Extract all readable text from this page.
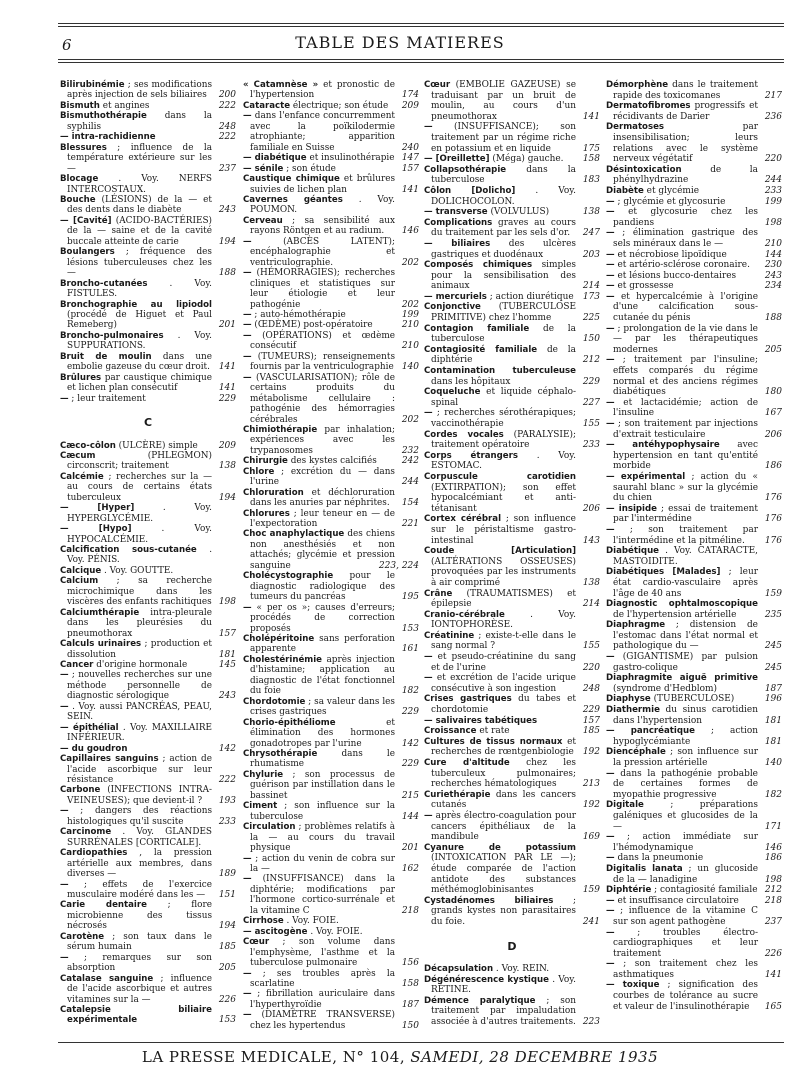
6	TABLE DES MATIERES

Bilirubinémie ; ses modifications après injection de sels biliaires 200

Bismuth et angines	222

Bismuthothérapie dans la syphilis	248

— intra-rachidienne	222

Blessures ; influence de la température extérieure sur les —	237

Blocage . Voy. NERFS INTERCOSTAUX.

Bouche (LÉSIONS) de la — et des dents dans le diabète	243

— [Cavité] (ACIDO-BACTÉRIES) de la — saine et de la cavité buccale atteinte de carie	194

Boulangers ; fréquence des lésions tuberculeuses chez les —	188

Broncho-cutanées . Voy. FISTULES.

Bronchographie au lipiodol (procédé de Higuet et Paul Remeberg)	201

Broncho-pulmonaires . Voy. SUPPURATIONS.

Bruit de moulin dans une embolie gazeuse du cœur droit. 141

Brûlures par caustique chimique et lichen plan consécutif	141

— ; leur traitement	229

C

Cæco-côlon (ULCÈRE) simple 209

Cæcum	(PHLEGMON) circonscrit; traitement	138

Calcémie ; recherches sur la — au cours de certains états tuberculeux	194

— [Hyper]	. Voy. HYPERGLYCÉMIE.

— [Hypo]	. Voy. HYPOCALCÉMIE.

Calcification sous-cutanée . Voy. PÉNIS.

Calcique . Voy. GOUTTE.

Calcium ; sa recherche microchimique dans les viscères des enfants rachitiques 198

Calciumthérapie intra-pleurale dans les pleurésies du pneumothorax	157

Calculs urinaires ; production et dissolution	181

Cancer d'origine hormonale	145

— ; nouvelles recherches sur une méthode personnelle de diagnostic sérologique	243

— . Voy. aussi PANCRÉAS, PEAU, SEIN.

— épithélial . Voy. MAXILLAIRE INFÉRIEUR.

— du goudron	142

Capillaires sanguins ; action de l'acide ascorbique sur leur résistance	222

Carbone (INFECTIONS INTRA-VEINEUSES); que devient-il ? 193

— ; dangers des réactions histologiques qu'il suscite	233

Carcinome . Voy. GLANDES SURRÉNALES [CORTICALE].

Cardiopathies , la pression artérielle aux membres, dans diverses —	189

— ; effets de l'exercice musculaire modéré dans les — 151

Carie dentaire ; flore microbienne des tissus nécrosés	194

Carotène ; son taux dans le sérum humain	185

— ; remarques sur son absorption	205

Catalase sanguine ; influence de l'acide ascorbique et autres vitamines sur la —	226

Catalepsie biliaire expérimentale	153

« Catamnèse » et pronostic de l'hypertension	174

Cataracte électrique; son étude 209

— dans l'enfance concurremment avec la poïkilodermie atrophiante; apparition familiale en Suisse	240

— diabétique et insulinothérapie 147

— sénile ; son étude	157

Caustique chimique et brûlures suivies de lichen plan	141

Cavernes géantes . Voy. POUMON.

Cerveau ; sa sensibilité aux rayons Röntgen et au radium. 146

—	(ABCÈS LATENT); encéphalographie et ventriculographie.	202

— (HÉMORRAGIES); recherches cliniques et statistiques sur leur étiologie et leur pathogénie	202

— ; auto-hémothérapie	199

— (ŒDÈME) post-opératoire	210

— (OPÉRATIONS) et œdème consécutif	210

— (TUMEURS); renseignements fournis par la ventriculographie 140

— (VASCULARISATION); rôle de certains produits du métabolisme cellulaire : pathogénie des hémorragies cérébrales	202

Chimiothérapie par inhalation; expériences avec les trypanosomes	232

Chirurgie des kystes calcifiés	242

Chlore ; excrétion du — dans l'urine	244

Chloruration et déchloruration dans les anuries par néphrites. 154

Chlorures ; leur teneur en — de l'expectoration	221

Choc anaphylactique des chiens non anesthésiés et non attachés; glycémie et pression sanguine	223, 224

Cholécystographie pour le diagnostic radiologique des tumeurs du pancréas	195

— « per os »; causes d'erreurs; procédés de correction proposés	153

Cholépéritoine sans perforation apparente	161

Cholestérinémie après injection d'histamine; application au diagnostic de l'état fonctionnel du foie	182

Chordotomie ; sa valeur dans les crises gastriques	229

Chorio-épithéliome	et élimination des hormones gonadotropes par l'urine	142

Chrysothérapie	dans le rhumatisme	229

Chylurie ; son processus de guérison par instillation dans le bassinet	215

Ciment ; son influence sur la tuberculose	144

Circulation ; problèmes relatifs à la — au cours du travail physique	201

— ; action du venin de cobra sur la —	162

— (INSUFFISANCE) dans la diphtérie; modifications par l'hormone cortico-surrénale et la vitamine C	218

Cirrhose . Voy. FOIE.

— ascitogène . Voy. FOIE.

Cœur ; son volume dans l'emphysème, l'asthme et la tuberculose pulmonaire	156

— ; ses troubles après la scarlatine	158

— ; fibrillation auriculaire dans l'hyperthyroïdie	187

— (DIAMÈTRE TRANSVERSE) chez les hypertendus	150

Cœur (EMBOLIE GAZEUSE) se traduisant par un bruit de moulin, au cours d'un pneumothorax	141

— (INSUFFISANCE); son traitement par un régime riche en potassium et en liquide	175

— [Oreillette] (Méga) gauche. 158

Collapsothérapie dans la tuberculose	183

Côlon [Dolicho] . Voy. DOLICHOCOLON.

— transverse (VOLVULUS)	138

Complications graves au cours du traitement par les sels d'or. 247

— biliaires des ulcères gastriques et duodénaux	203

Composés chimiques simples pour la sensibilisation des animaux	214

— mercuriels ; action diurétique 173

Conjonctive (TUBERCULOSE PRIMITIVE) chez l'homme	225

Contagion familiale de la tuberculose	150

Contagiosité familiale de la diphtérie	212

Contamination tuberculeuse dans les hôpitaux	229

Coqueluche et liquide céphalo-spinal	227

— ; recherches sérothérapiques; vaccinothérapie	155

Cordes vocales (PARALYSIE); traitement opératoire	233

Corps étrangers . Voy. ESTOMAC.

Corpuscule carotidien (EXTIRPATION); son effet hypocalcémiant et anti-tétanisant	206

Cortex cérébral ; son influence sur le péristaltisme gastro-intestinal	143

Coude [Articulation] (ALTÉRATIONS OSSEUSES) provoquées par les instruments à air comprimé	138

Crâne (TRAUMATISMES) et épilepsie	214

Cranio-cérébrale	. Voy. IONTOPHORÈSE.

Créatinine ; existe-t-elle dans le sang normal ?	155

— et pseudo-créatinine du sang et de l'urine	220

— et excrétion de l'acide urique consécutive à son ingestion	248

Crises gastriques du tabes et chordotomie	229

— salivaires tabétiques	157

Croissance et rate	185

Cultures de tissus normaux et recherches de rœntgenbiologie 192

Cure d'altitude chez les tuberculeux pulmonaires; recherches hématologiques	213

Curiethérapie dans les cancers cutanés	192

— après électro-coagulation pour cancers épithéliaux de la mandibule	169

Cyanure de potassium (INTOXICATION PAR LE —); étude comparée de l'action antidote des substances méthémoglobinisantes	159

Cystadénomes biliaires ; grands kystes non parasitaires du foie.	241

D

Décapsulation . Voy. REIN.

Dégénérescence kystique . Voy. RÉTINE.

Démence paralytique ; son traitement par impaludation associée à d'autres traitements. 223

Démorphène dans le traitement rapide des toxicomanes	217

Dermatofibromes progressifs et récidivants de Darier	236

Dermatoses	par insensibilisation; leurs relations avec le système nerveux végétatif	220

Désintoxication	de la phénylhydrazine	244

Diabète et glycémie	233

— ; glycémie et glycosurie	199

— et glycosurie chez les pandiens	198

— ; élimination gastrique des sels minéraux dans le —	210

— et nécrobiose lipoïdique	144

— et artério-sclérose coronaire. 230

— et lésions bucco-dentaires	243

— et grossesse	234

— et hypercalcémie à l'origine d'une calcification sous-cutanée du pénis	188

— ; prolongation de la vie dans le — par les thérapeutiques modernes	205

— ; traitement par l'insuline; effets comparés du régime normal et des anciens régimes diabétiques	180

— et lactacidémie; action de l'insuline	167

— ; son traitement par injections d'extrait testiculaire	206

— antéhypophysaire avec hypertension en tant qu'entité morbide	186

— expérimental ; action du « saurahl blanc » sur la glycémie du chien	176

— insipide ; essai de traitement par l'intermédine	176

— ; son traitement par l'intermédine et la pitméline. 176

Diabétique . Voy. CATARACTE, MASTOIDITE.

Diabétiques [Malades] ; leur état cardio-vasculaire après l'âge de 40 ans	159

Diagnostic ophtalmoscopique de l'hypertension artérielle	235

Diaphragme ; distension de l'estomac dans l'état normal et pathologique du —	245

— (GIGANTISME) par pulsion gastro-colique	245

Diaphragmite aiguë primitive (syndrome d'Hedblom)	187

Diaphyse (TUBERCULOSE)	196

Diathermie du sinus carotidien dans l'hypertension	181

— pancréatique ; action hypoglycémiante	181

Diencéphale ; son influence sur la pression artérielle	140

— dans la pathogénie probable de certaines formes de myopathie progressive	182

Digitale	; préparations galéniques et glucosides de la —	171

— ; action immédiate sur l'hémodynamique	146

— dans la pneumonie	186

Digitalis lanata ; un glucoside de la — lanadigine	198

Diphtérie ; contagiosité familiale 212

— et insuffisance circulatoire	218

— ; influence de la vitamine C sur son agent pathogène	237

—	; troubles électro-cardiographiques et leur traitement	226

— ; son traitement chez les asthmatiques	141

— toxique ; signification des courbes de tolérance au sucre et valeur de l'insulinothérapie 165

LA PRESSE MEDICALE, N° 104, SAMEDI, 28 DECEMBRE 1935
